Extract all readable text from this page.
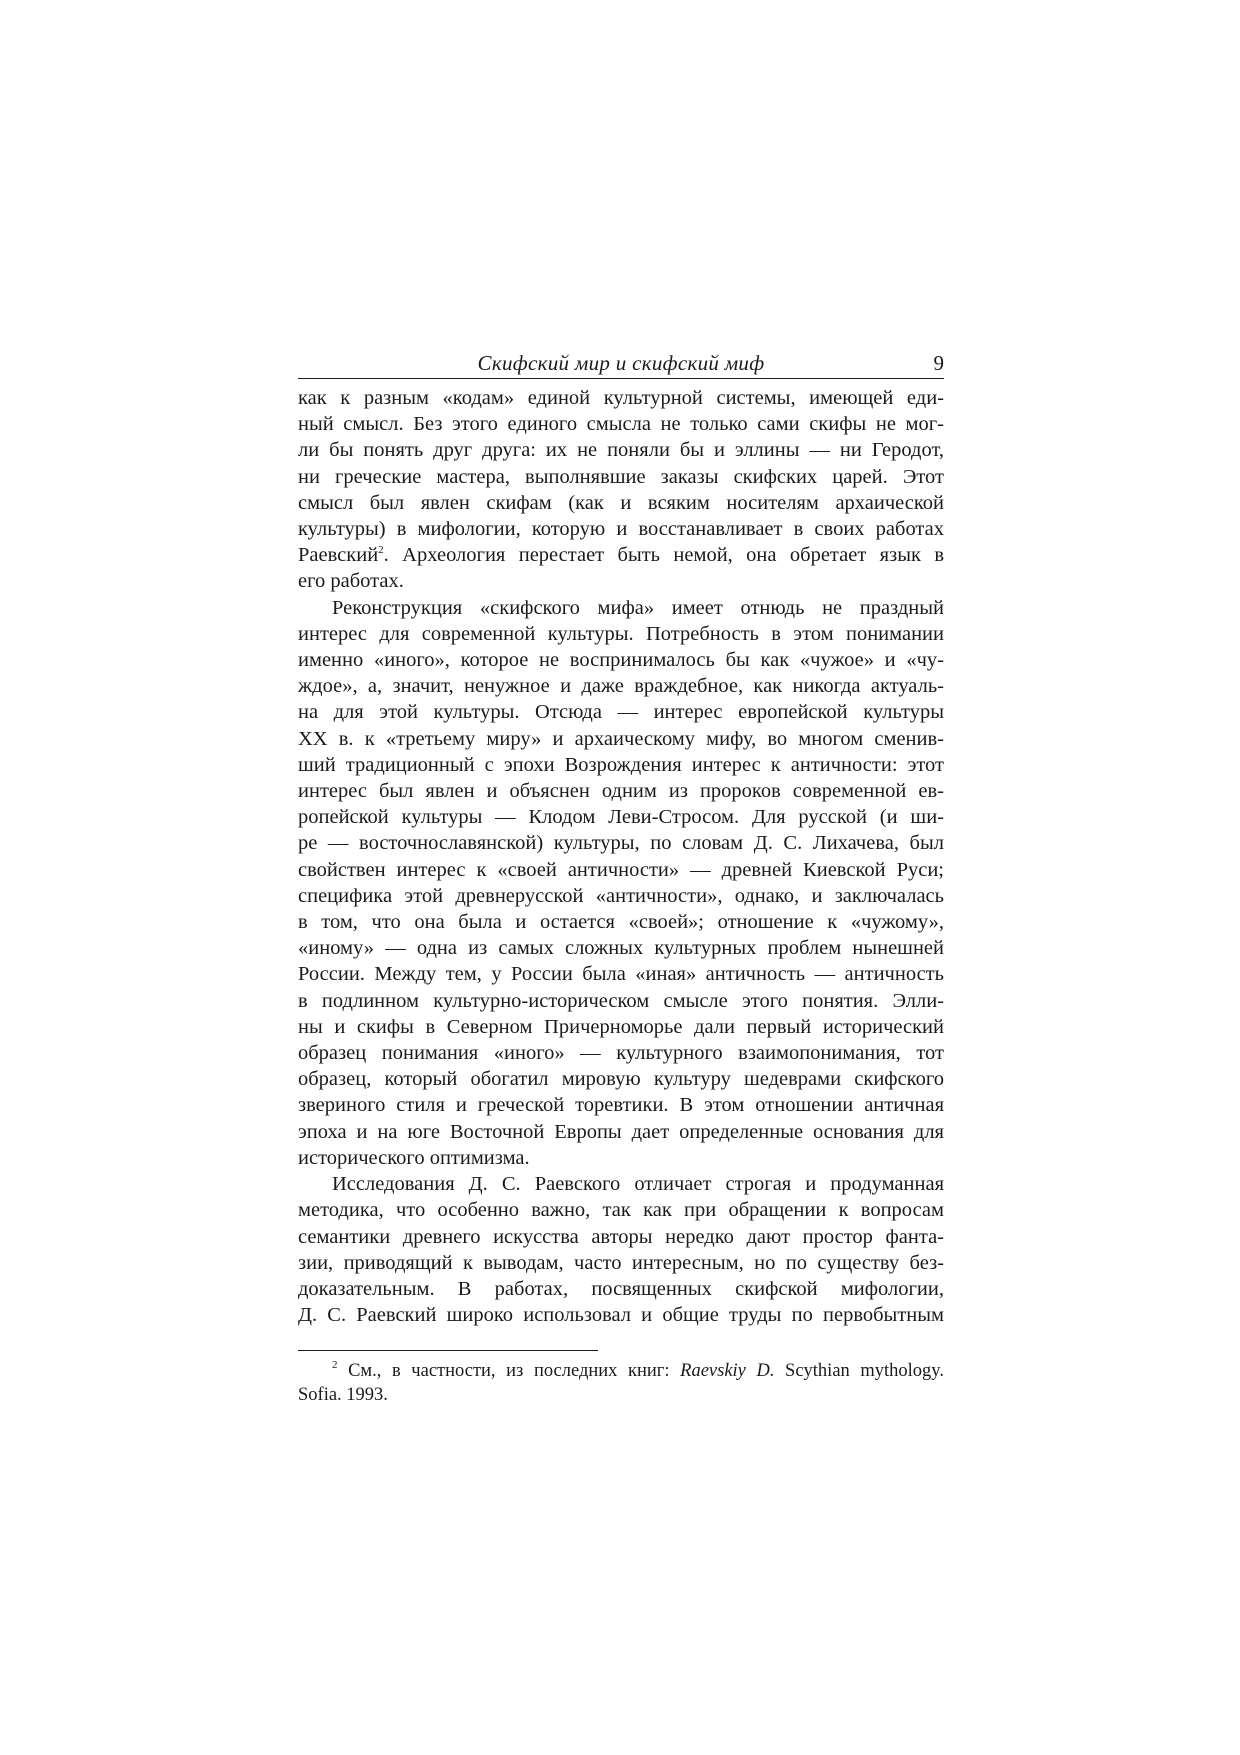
Скифский мир и скифский миф	9

как к разным «кодам» единой культурной системы, имеющей еди-
ный смысл. Без этого единого смысла не только сами скифы не мог-
ли бы понять друг друга: их не поняли бы и эллины — ни Геродот,
ни греческие мастера, выполнявшие заказы скифских царей. Этот
смысл был явлен скифам (как и всяким носителям архаической
культуры) в мифологии, которую и восстанавливает в своих работах
Раевский$^2$. Археология перестает быть немой, она обретает язык в
его работах.

Реконструкция «скифского мифа» имеет отнюдь не праздный
интерес для современной культуры. Потребность в этом понимании
именно «иного», которое не воспринималось бы как «чужое» и «чу-
ждое», а, значит, ненужное и даже враждебное, как никогда актуаль-
на для этой культуры. Отсюда — интерес европейской культуры
XX в. к «третьему миру» и архаическому мифу, во многом сменив-
ший традиционный с эпохи Возрождения интерес к античности: этот
интерес был явлен и объяснен одним из пророков современной ев-
ропейской культуры — Клодом Леви-Стросом. Для русской (и ши-
ре — восточнославянской) культуры, по словам Д. С. Лихачева, был
свойствен интерес к «своей античности» — древней Киевской Руси;
специфика этой древнерусской «античности», однако, и заключалась
в том, что она была и остается «своей»; отношение к «чужому»,
«иному» — одна из самых сложных культурных проблем нынешней
России. Между тем, у России была «иная» античность — античность
в подлинном культурно-историческом смысле этого понятия. Элли-
ны и скифы в Северном Причерноморье дали первый исторический
образец понимания «иного» — культурного взаимопонимания, тот
образец, который обогатил мировую культуру шедеврами скифского
звериного стиля и греческой торевтики. В этом отношении античная
эпоха и на юге Восточной Европы дает определенные основания для
исторического оптимизма.

Исследования Д. С. Раевского отличает строгая и продуманная
методика, что особенно важно, так как при обращении к вопросам
семантики древнего искусства авторы нередко дают простор фанта-
зии, приводящий к выводам, часто интересным, но по существу без-
доказательным. В работах, посвященных скифской мифологии,
Д. С. Раевский широко использовал и общие труды по первобытным

$^2$ См., в частности, из последних книг: Raevskiy D. Scythian mythology.
Sofia. 1993.
